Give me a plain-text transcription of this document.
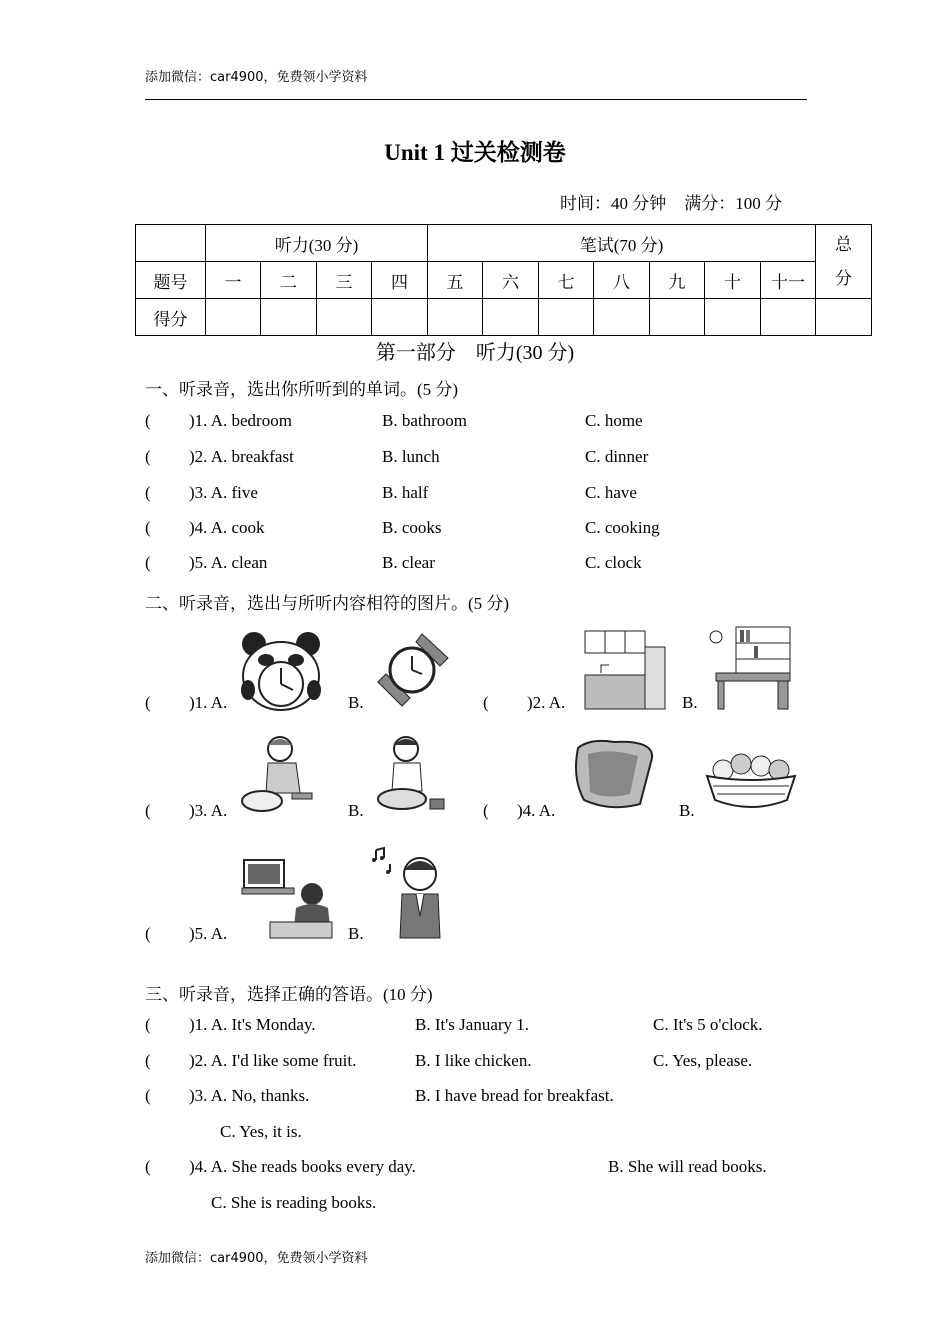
添加微信：car4900，免费领小学资料
Unit 1 过关检测卷
时间：40 分钟 满分：100 分
	听力(30 分)				笔试(70 分)							总分
题号	一	二	三	四	五	六	七	八	九	十	十一	
得分												
第一部分　听力(30 分)
一、听录音，选出你所听到的单词。(5 分)
( )1. A. bedroom	B. bathroom	C. home
( )2. A. breakfast	B. lunch	C. dinner
( )3. A. five	B. half	C. have
( )4. A. cook	B. cooks	C. cooking
( )5. A. clean	B. clear	C. clock
二、听录音，选出与所听内容相符的图片。(5 分)
( )1. A.	B.	( )2. A.	B.
( )3. A.	B.	( )4. A.	B.
( )5. A.	B.
三、听录音，选择正确的答语。(10 分)
( )1. A. It's Monday.	B. It's January 1.	C. It's 5 o'clock.
( )2. A. I'd like some fruit.	B. I like chicken.	C. Yes, please.
( )3. A. No, thanks.	B. I have bread for breakfast.
C. Yes, it is.
( )4. A. She reads books every day.	B. She will read books.
C. She is reading books.
添加微信：car4900，免费领小学资料
